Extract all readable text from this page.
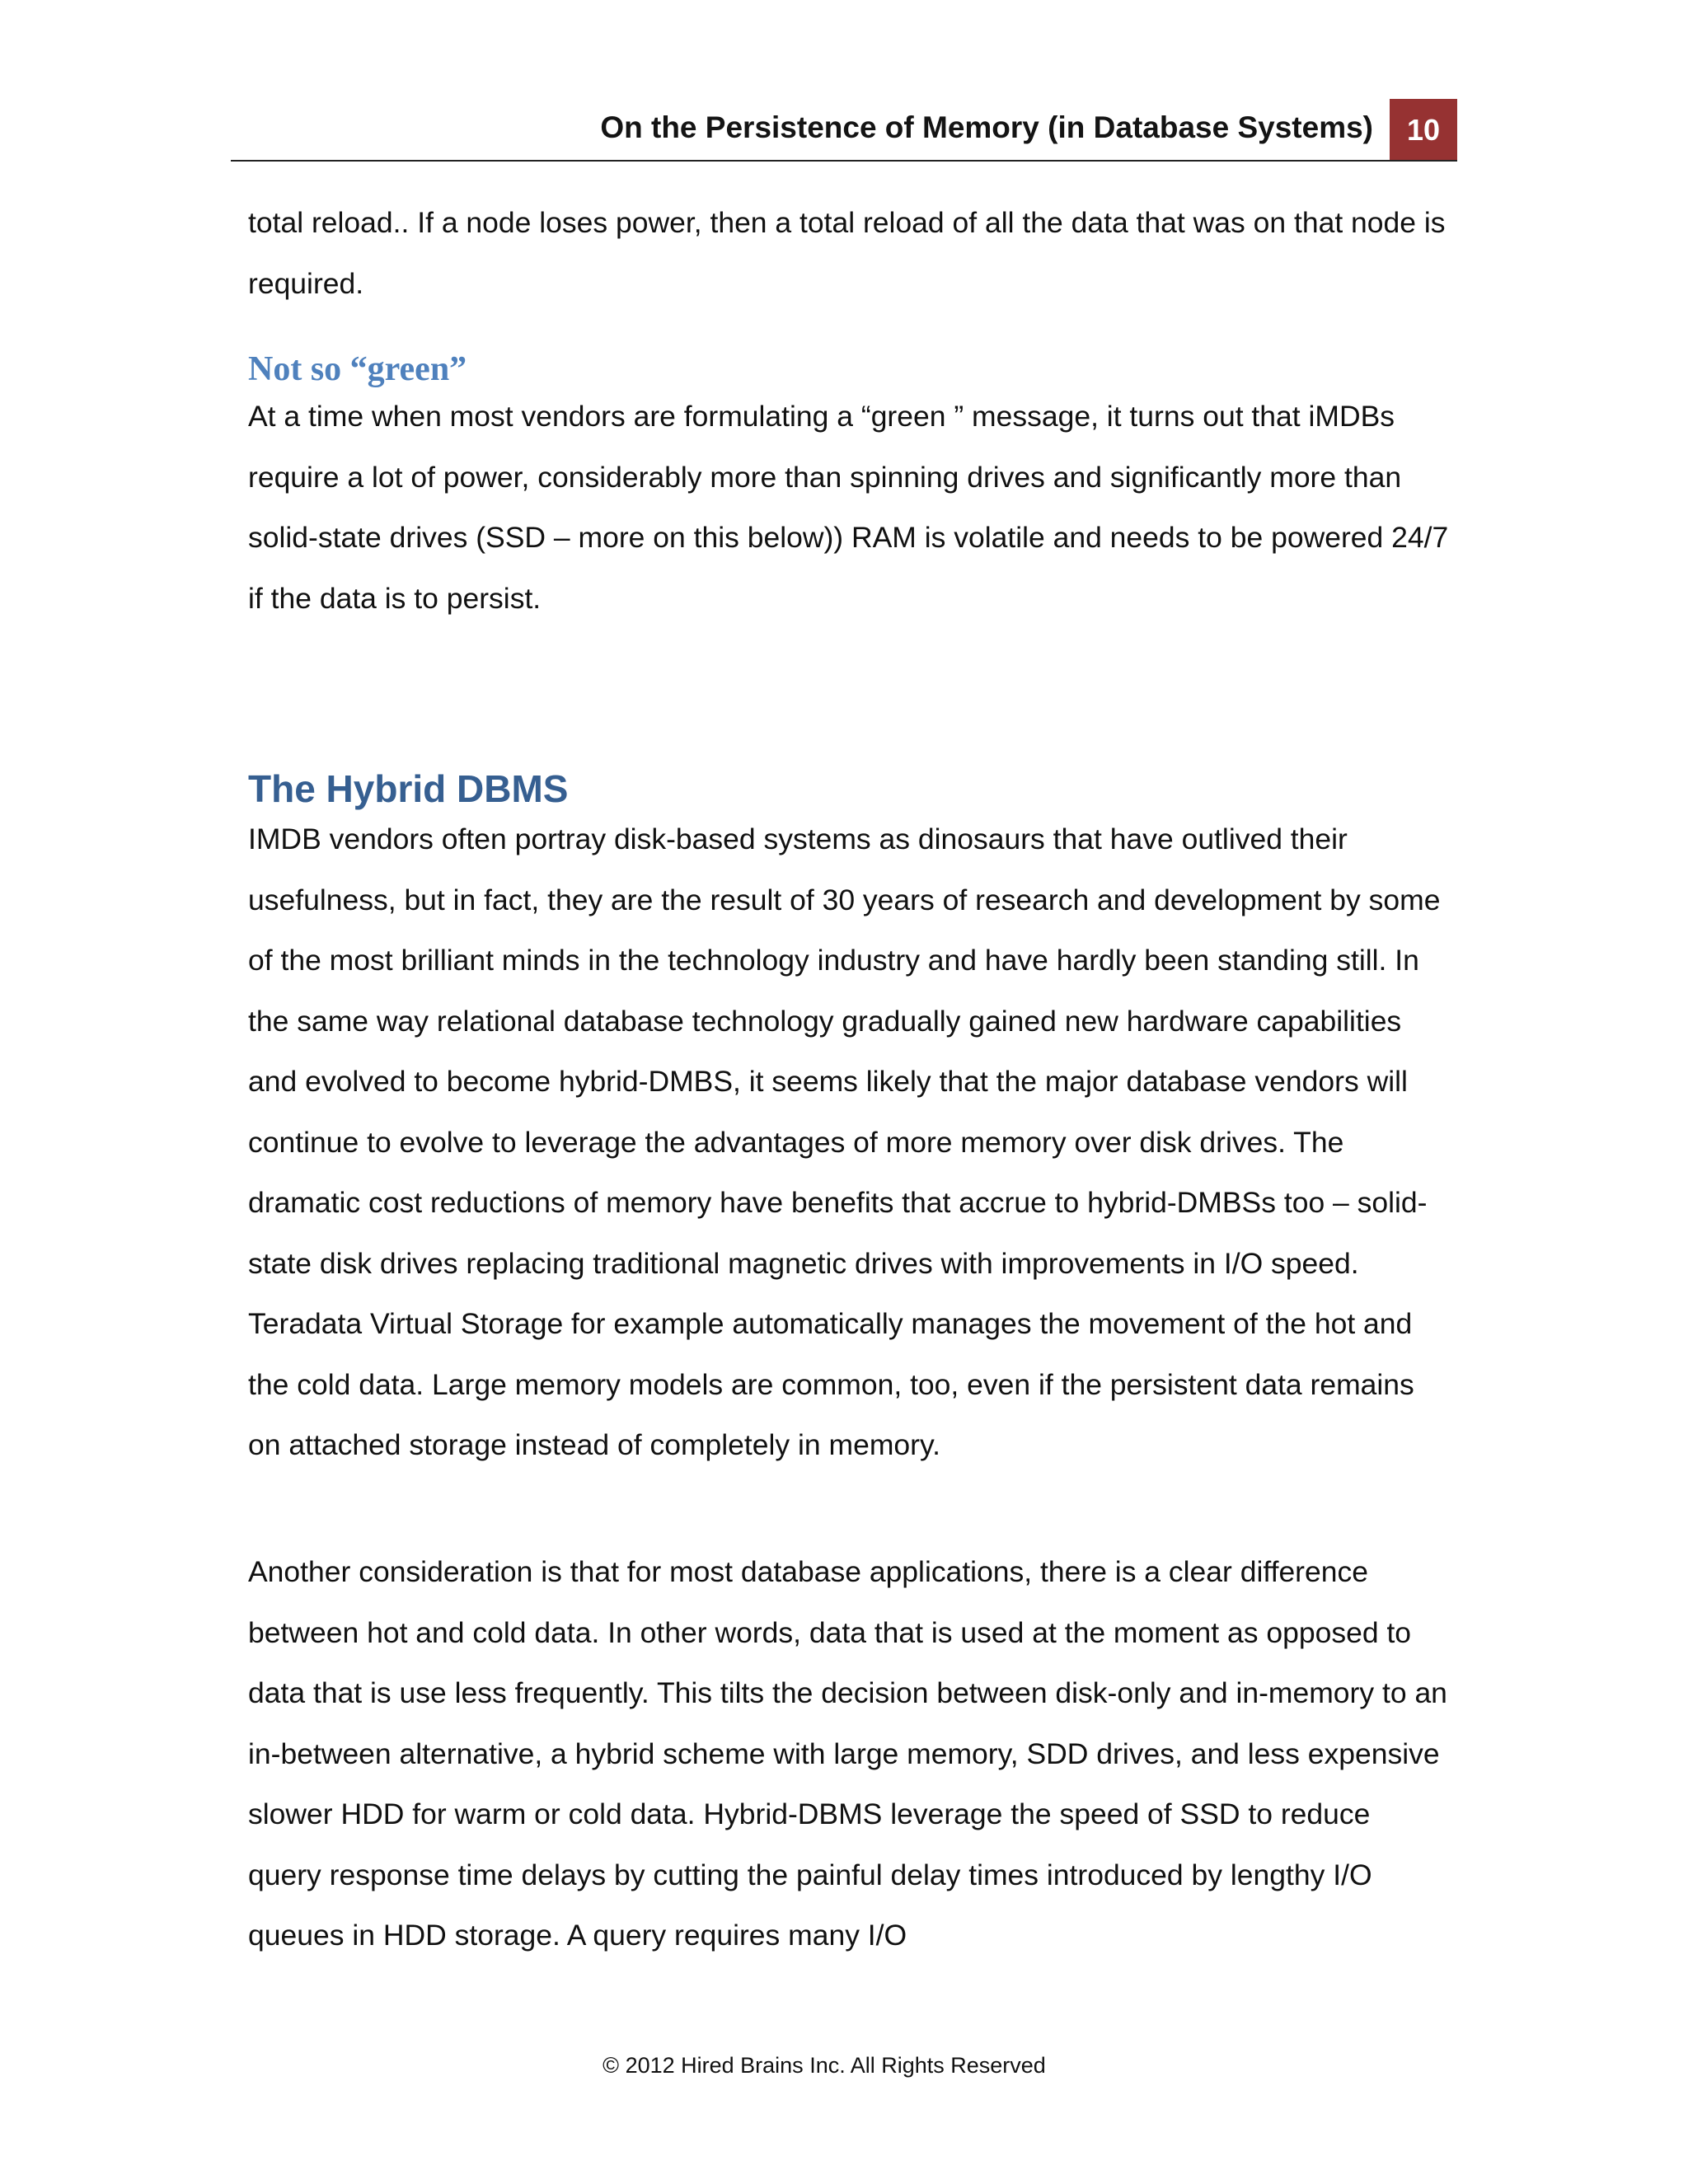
On the Persistence of Memory (in Database Systems)	10

total reload.. If a node loses power, then a total reload of all the data that was on that node is required.

Not so “green”

At a time when most vendors are formulating a “green ” message, it turns out that iMDBs require a lot of power, considerably more than spinning drives and significantly more than solid-state drives (SSD – more on this below)) RAM is volatile and needs to be powered 24/7 if the data is to persist.

The Hybrid DBMS

IMDB vendors often portray disk-based systems as dinosaurs that have outlived their usefulness, but in fact, they are the result of 30 years of research and development by some of the most brilliant minds in the technology industry and have hardly been standing still. In the same way relational database technology gradually gained new hardware capabilities and evolved to become hybrid-DMBS, it seems likely that the major database vendors will continue to evolve to leverage the advantages of more memory over disk drives. The dramatic cost reductions of memory have benefits that accrue to hybrid-DMBSs too – solid-state disk drives replacing traditional magnetic drives with improvements in I/O speed. Teradata Virtual Storage for example automatically manages the movement of the hot and the cold data. Large memory models are common, too, even if the persistent data remains on attached storage instead of completely in memory.

Another consideration is that for most database applications, there is a clear difference between hot and cold data. In other words, data that is used at the moment as opposed to data that is use less frequently. This tilts the decision between disk-only and in-memory to an in-between alternative, a hybrid scheme with large memory, SDD drives, and less expensive slower HDD for warm or cold data. Hybrid-DBMS leverage the speed of SSD to reduce query response time delays by cutting the painful delay times introduced by lengthy I/O queues in HDD storage. A query requires many I/O

© 2012 Hired Brains Inc. All Rights Reserved
